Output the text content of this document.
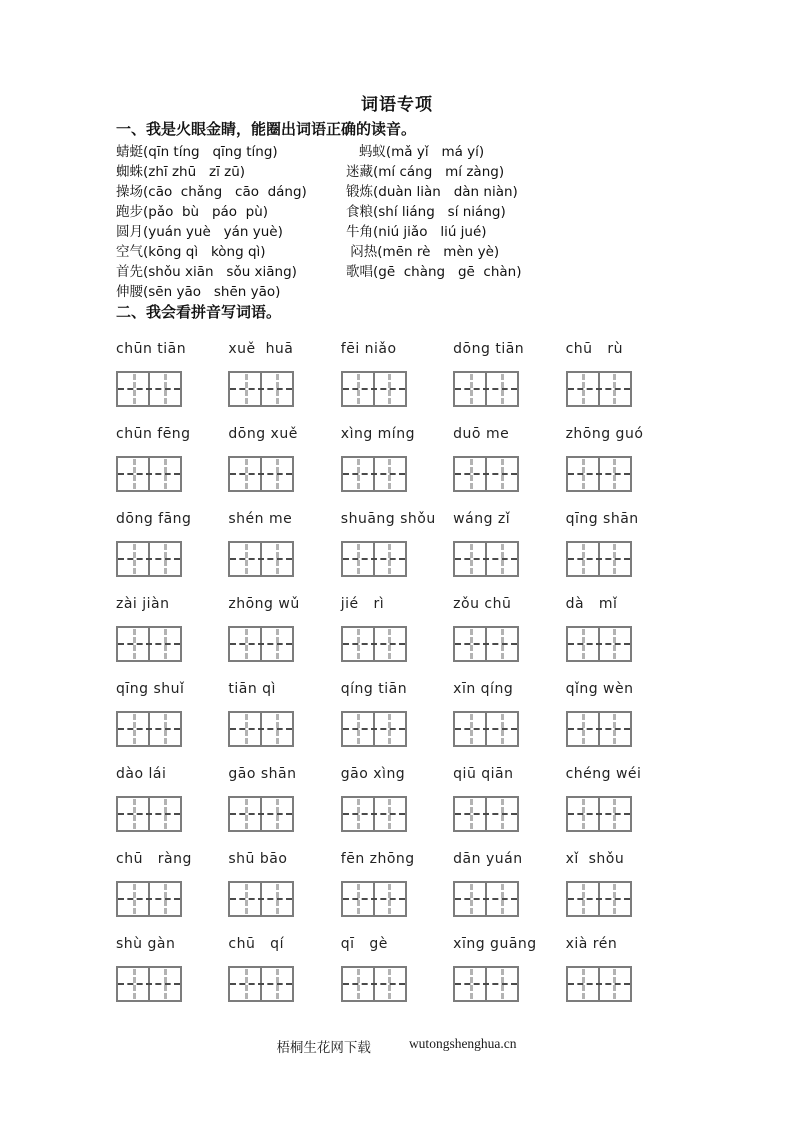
词语专项
一、我是火眼金睛，能圈出词语正确的读音。
蜻蜓(qīn tíng   qīng tíng)	蚂蚁(mǎ yǐ   má yí)
蜘蛛(zhī zhū   zī zū)	迷藏(mí cáng   mí zàng)
操场(cāo  chǎng   cāo  dáng)	锻炼(duàn liàn   dàn niàn)
跑步(pǎo  bù   páo  pù)	食粮(shí liáng   sí niáng)
圆月(yuán yuè   yán yuè)	牛角(niú jiǎo   liú jué)
空气(kōng qì   kòng qì)	闷热(mēn rè   mèn yè)
首先(shǒu xiān   sǒu xiāng)	歌唱(gē  chàng   gē  chàn)
伸腰(sēn yāo   shēn yāo)
二、我会看拼音写词语。
chūn tiān	xuě  huā	fēi niǎo	dōng tiān	chū   rù
chūn fēng	dōng xuě	xìng míng	duō me	zhōng guó
dōng fāng	shén me	shuāng shǒu	wáng zǐ	qīng shān
zài jiàn	zhōng wǔ	jié   rì	zǒu chū	dà   mǐ
qīng shuǐ	tiān qì	qíng tiān	xīn qíng	qǐng wèn
dào lái	gāo shān	gāo xìng	qiū qiān	chéng wéi
chū   ràng	shū bāo	fēn zhōng	dān yuán	xǐ  shǒu
shù gàn	chū   qí	qī   gè	xīng guāng	xià rén
梧桐生花网下载	wutongshenghua.cn
